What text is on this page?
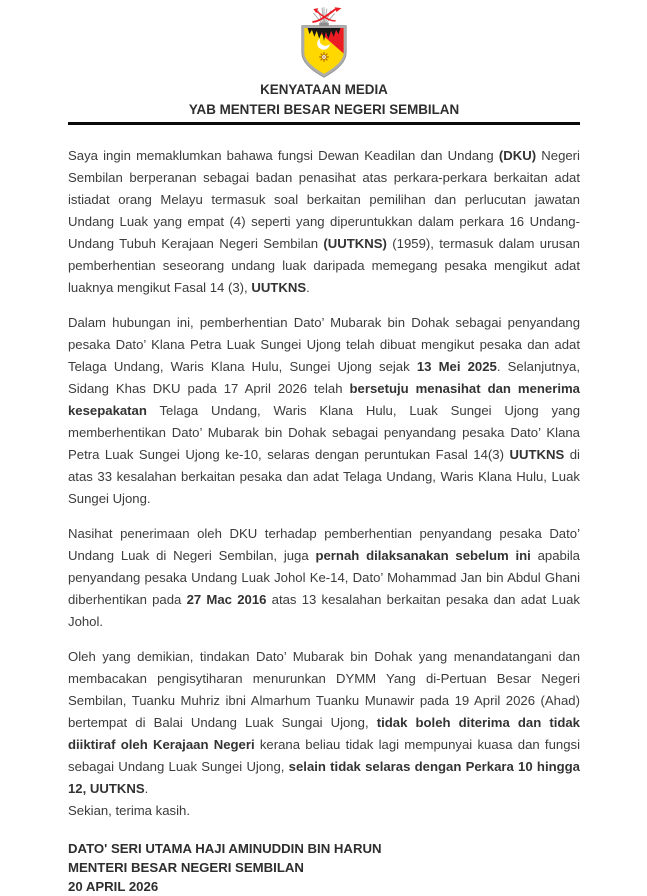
KENYATAAN MEDIA
YAB MENTERI BESAR NEGERI SEMBILAN

Saya ingin memaklumkan bahawa fungsi Dewan Keadilan dan Undang (DKU) Negeri Sembilan berperanan sebagai badan penasihat atas perkara-perkara berkaitan adat istiadat orang Melayu termasuk soal berkaitan pemilihan dan perlucutan jawatan Undang Luak yang empat (4) seperti yang diperuntukkan dalam perkara 16 Undang-Undang Tubuh Kerajaan Negeri Sembilan (UUTKNS) (1959), termasuk dalam urusan pemberhentian seseorang undang luak daripada memegang pesaka mengikut adat luaknya mengikut Fasal 14 (3), UUTKNS.

Dalam hubungan ini, pemberhentian Dato’ Mubarak bin Dohak sebagai penyandang pesaka Dato’ Klana Petra Luak Sungei Ujong telah dibuat mengikut pesaka dan adat Telaga Undang, Waris Klana Hulu, Sungei Ujong sejak 13 Mei 2025. Selanjutnya, Sidang Khas DKU pada 17 April 2026 telah bersetuju menasihat dan menerima kesepakatan Telaga Undang, Waris Klana Hulu, Luak Sungei Ujong yang memberhentikan Dato’ Mubarak bin Dohak sebagai penyandang pesaka Dato’ Klana Petra Luak Sungei Ujong ke-10, selaras dengan peruntukan Fasal 14(3) UUTKNS di atas 33 kesalahan berkaitan pesaka dan adat Telaga Undang, Waris Klana Hulu, Luak Sungei Ujong.

Nasihat penerimaan oleh DKU terhadap pemberhentian penyandang pesaka Dato’ Undang Luak di Negeri Sembilan, juga pernah dilaksanakan sebelum ini apabila penyandang pesaka Undang Luak Johol Ke-14, Dato’ Mohammad Jan bin Abdul Ghani diberhentikan pada 27 Mac 2016 atas 13 kesalahan berkaitan pesaka dan adat Luak Johol.

Oleh yang demikian, tindakan Dato’ Mubarak bin Dohak yang menandatangani dan membacakan pengisytiharan menurunkan DYMM Yang di-Pertuan Besar Negeri Sembilan, Tuanku Muhriz ibni Almarhum Tuanku Munawir pada 19 April 2026 (Ahad) bertempat di Balai Undang Luak Sungai Ujong, tidak boleh diterima dan tidak diiktiraf oleh Kerajaan Negeri kerana beliau tidak lagi mempunyai kuasa dan fungsi sebagai Undang Luak Sungei Ujong, selain tidak selaras dengan Perkara 10 hingga 12, UUTKNS.

Sekian, terima kasih.

DATO' SERI UTAMA HAJI AMINUDDIN BIN HARUN
MENTERI BESAR NEGERI SEMBILAN
20 APRIL 2026
